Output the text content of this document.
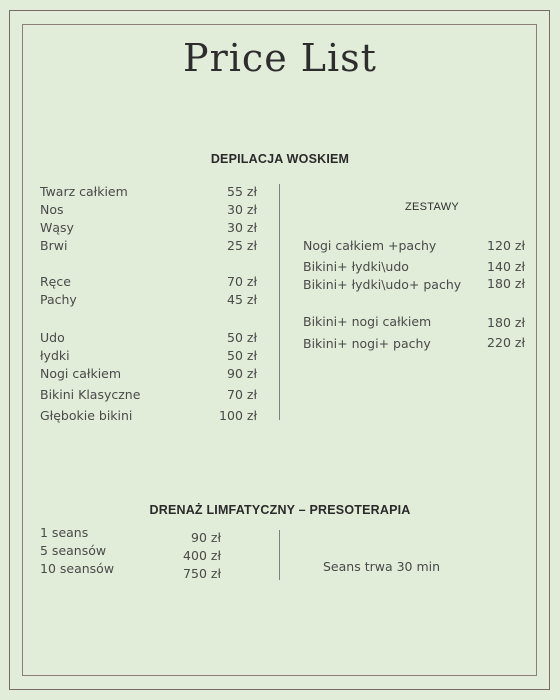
Price List
DEPILACJA WOSKIEM
Twarz całkiem	55 zł
Nos	30 zł
Wąsy	30 zł
Brwi	25 zł
Ręce	70 zł
Pachy	45 zł
Udo	50 zł
łydki	50 zł
Nogi całkiem	90 zł
Bikini Klasyczne	70 zł
Głębokie bikini	100 zł
ZESTAWY
Nogi całkiem +pachy	120 zł
Bikini+ łydki\udo	140 zł
Bikini+ łydki\udo+ pachy	180 zł
Bikini+ nogi całkiem	180 zł
Bikini+ nogi+ pachy	220 zł
DRENAŻ LIMFATYCZNY – PRESOTERAPIA
1 seans	90 zł
5 seansów	400 zł
10 seansów	750 zł	Seans trwa 30 min
